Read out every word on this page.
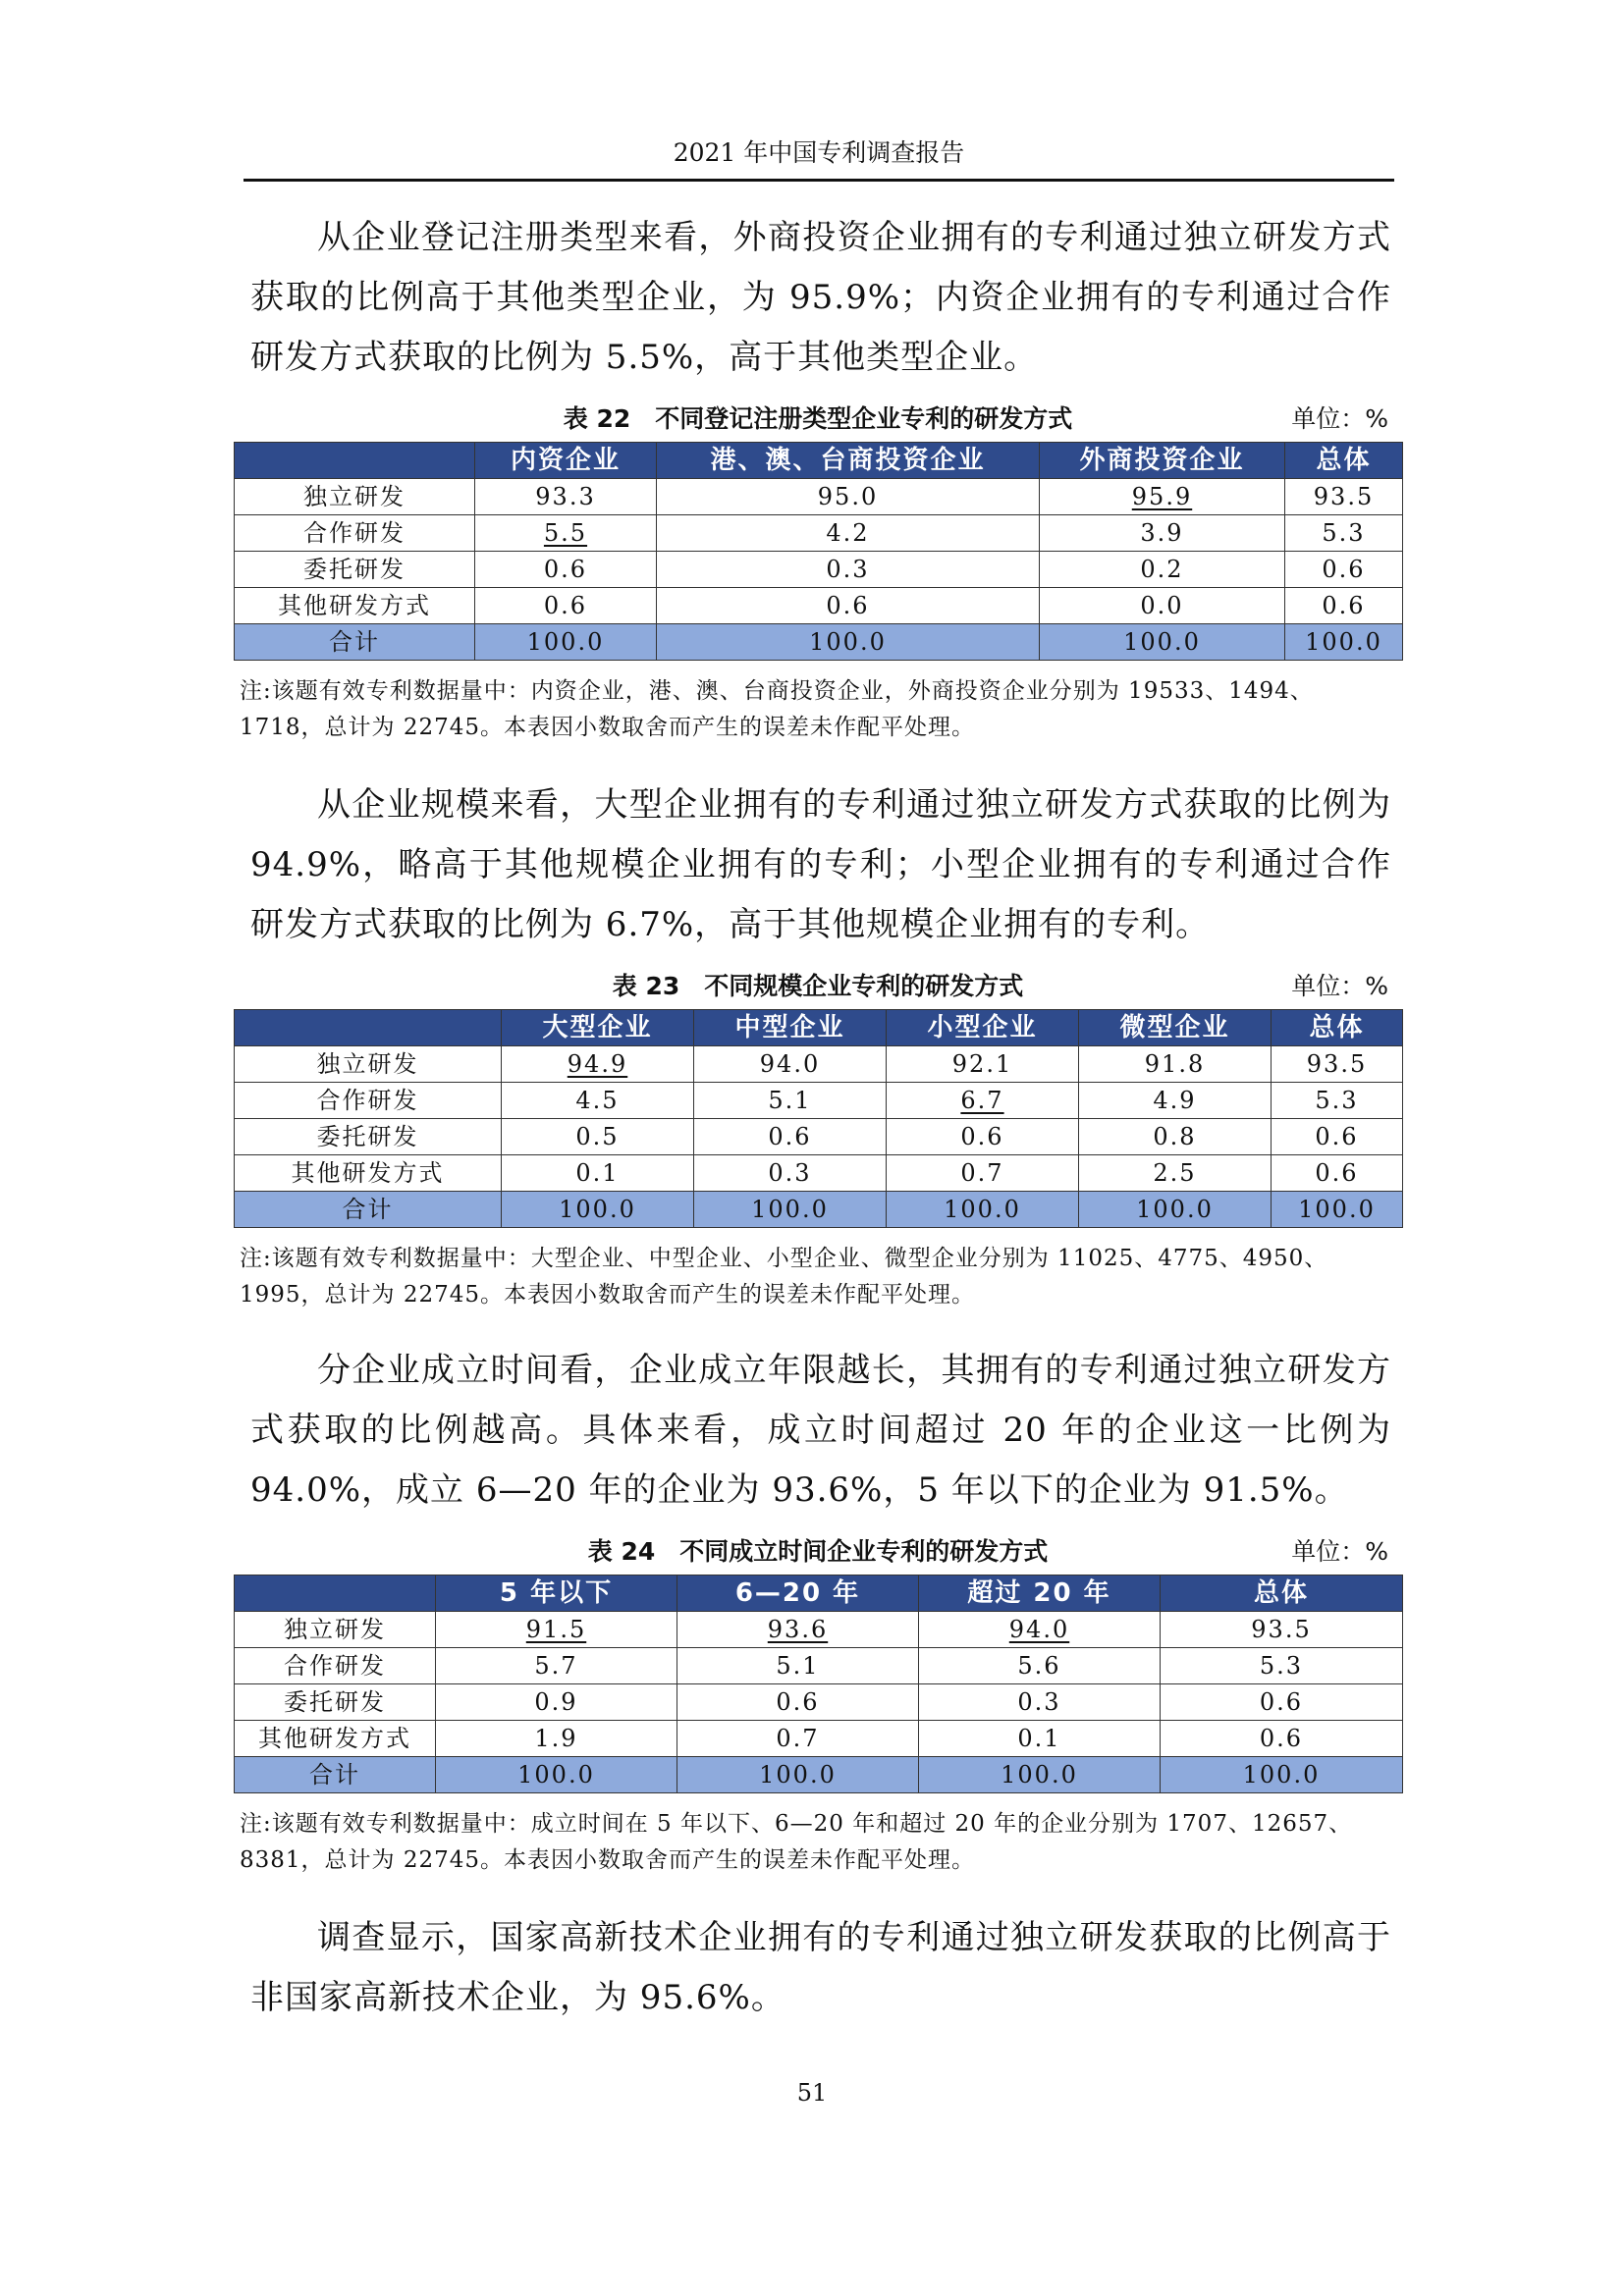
2021 年中国专利调查报告

从企业登记注册类型来看，外商投资企业拥有的专利通过独立研发方式获取的比例高于其他类型企业，为 95.9%；内资企业拥有的专利通过合作研发方式获取的比例为 5.5%，高于其他类型企业。

表 22　不同登记注册类型企业专利的研发方式	单位：%
	内资企业	港、澳、台商投资企业	外商投资企业	总体
独立研发	93.3	95.0	95.9	93.5
合作研发	5.5	4.2	3.9	5.3
委托研发	0.6	0.3	0.2	0.6
其他研发方式	0.6	0.6	0.0	0.6
合计	100.0	100.0	100.0	100.0

注:该题有效专利数据量中：内资企业，港、澳、台商投资企业，外商投资企业分别为 19533、1494、1718，总计为 22745。本表因小数取舍而产生的误差未作配平处理。

从企业规模来看，大型企业拥有的专利通过独立研发方式获取的比例为 94.9%，略高于其他规模企业拥有的专利；小型企业拥有的专利通过合作研发方式获取的比例为 6.7%，高于其他规模企业拥有的专利。

表 23　不同规模企业专利的研发方式	单位：%
	大型企业	中型企业	小型企业	微型企业	总体
独立研发	94.9	94.0	92.1	91.8	93.5
合作研发	4.5	5.1	6.7	4.9	5.3
委托研发	0.5	0.6	0.6	0.8	0.6
其他研发方式	0.1	0.3	0.7	2.5	0.6
合计	100.0	100.0	100.0	100.0	100.0

注:该题有效专利数据量中：大型企业、中型企业、小型企业、微型企业分别为 11025、4775、4950、1995，总计为 22745。本表因小数取舍而产生的误差未作配平处理。

分企业成立时间看，企业成立年限越长，其拥有的专利通过独立研发方式获取的比例越高。具体来看，成立时间超过 20 年的企业这一比例为 94.0%，成立 6—20 年的企业为 93.6%，5 年以下的企业为 91.5%。

表 24　不同成立时间企业专利的研发方式	单位：%
	5 年以下	6—20 年	超过 20 年	总体
独立研发	91.5	93.6	94.0	93.5
合作研发	5.7	5.1	5.6	5.3
委托研发	0.9	0.6	0.3	0.6
其他研发方式	1.9	0.7	0.1	0.6
合计	100.0	100.0	100.0	100.0

注:该题有效专利数据量中：成立时间在 5 年以下、6—20 年和超过 20 年的企业分别为 1707、12657、8381，总计为 22745。本表因小数取舍而产生的误差未作配平处理。

调查显示，国家高新技术企业拥有的专利通过独立研发获取的比例高于非国家高新技术企业，为 95.6%。

51
